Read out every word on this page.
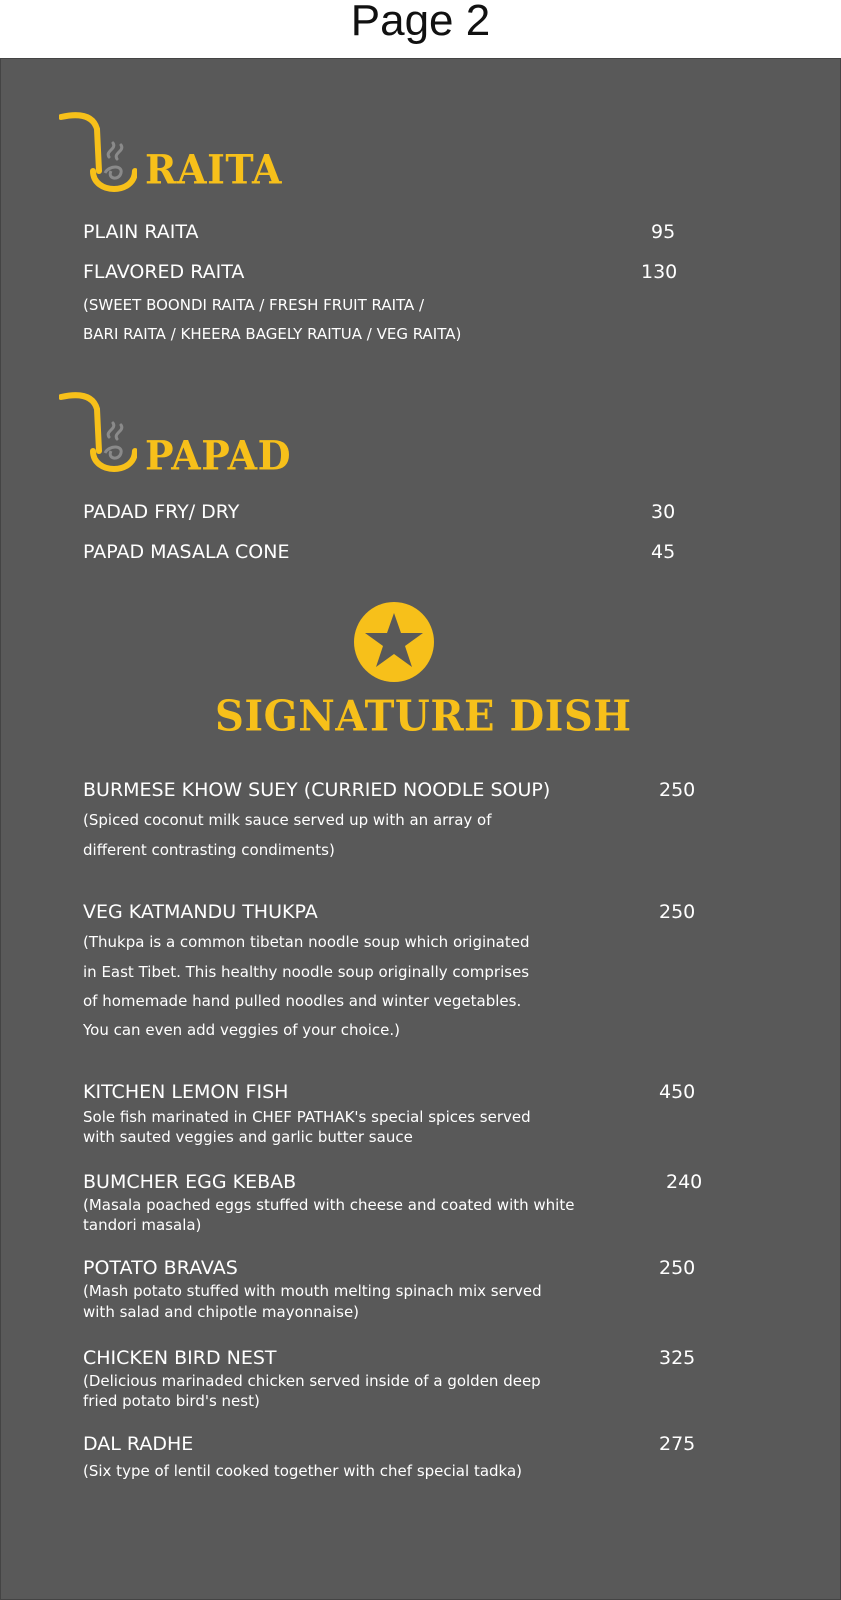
Page 2
RAITA
PLAIN RAITA	95
FLAVORED RAITA	130
(SWEET BOONDI RAITA / FRESH FRUIT RAITA /
BARI RAITA / KHEERA BAGELY RAITUA / VEG RAITA)
PAPAD
PADAD FRY/ DRY	30
PAPAD MASALA CONE	45
SIGNATURE DISH
BURMESE KHOW SUEY (CURRIED NOODLE SOUP)	250
(Spiced coconut milk sauce served up with an array of
different contrasting condiments)
VEG KATMANDU THUKPA	250
(Thukpa is a common tibetan noodle soup which originated
in East Tibet. This healthy noodle soup originally comprises
of homemade hand pulled noodles and winter vegetables.
You can even add veggies of your choice.)
KITCHEN LEMON FISH	450
Sole fish marinated in CHEF PATHAK's special spices served
with sauted veggies and garlic butter sauce
BUMCHER EGG KEBAB	240
(Masala poached eggs stuffed with cheese and coated with white
tandori masala)
POTATO BRAVAS	250
(Mash potato stuffed with mouth melting spinach mix served
with salad and chipotle mayonnaise)
CHICKEN BIRD NEST	325
(Delicious marinaded chicken served inside of a golden deep
fried potato bird's nest)
DAL RADHE	275
(Six type of lentil cooked together with chef special tadka)
